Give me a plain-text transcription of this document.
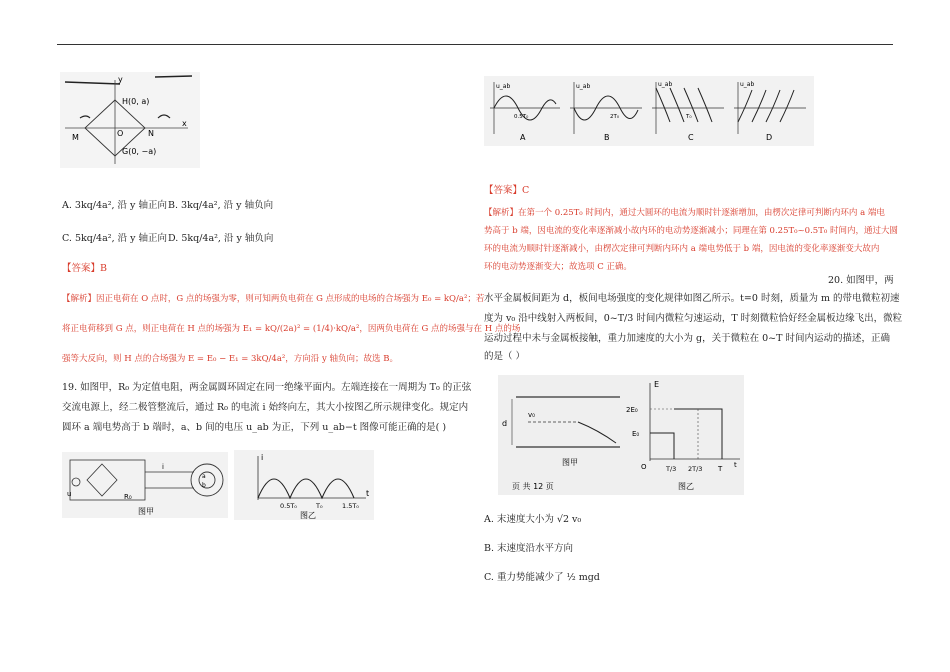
H(0, a)
G(0, −a)
O
M	N
x
y
A. 3kq/4a², 沿 y 轴正向 B. 3kq/4a², 沿 y 轴负向
C. 5kq/4a², 沿 y 轴正向 D. 5kq/4a², 沿 y 轴负向
【答案】B
【解析】因正电荷在 O 点时，G 点的场强为零，则可知两负电荷在 G 点形成的电场的合场强为 E₀ = kQ/a²；若
将正电荷移到 G 点，则正电荷在 H 点的场强为 E₁ = kQ/(2a)² = (1/4)·kQ/a²，因两负电荷在 G 点的场强与在 H 点的场
强等大反向，则 H 点的合场强为 E = E₀ − E₁ = 3kQ/4a²，方向沿 y 轴负向；故选 B。
19. 如图甲，R₀ 为定值电阻，两金属圆环固定在同一绝缘平面内。左端连接在一周期为 T₀ 的正弦
交流电源上，经二极管整流后，通过 R₀ 的电流 i 始终向左，其大小按图乙所示规律变化。规定内
圆环 a 端电势高于 b 端时，a、b 间的电压 u_ab 为正，下列 u_ab−t 图像可能正确的是( )
u
i
R₀
a
b
图甲
i
t
0.5T₀	T₀	1.5T₀
图乙
u_ab
0.5T₀
A
u_ab
2T₀
B
u_ab
T₀
C
u_ab
D
【答案】C
【解析】在第一个 0.25T₀ 时间内，通过大圆环的电流为顺时针逐渐增加，由楞次定律可判断内环内 a 端电
势高于 b 端，因电流的变化率逐渐减小故内环的电动势逐渐减小；同理在第 0.25T₀~0.5T₀ 时间内，通过大圆
环的电流为顺时针逐渐减小，由楞次定律可判断内环内 a 端电势低于 b 端，因电流的变化率逐渐变大故内
环的电动势逐渐变大；故选项 C 正确。
20. 如图甲，两
水平金属板间距为 d，板间电场强度的变化规律如图乙所示。t=0 时刻，质量为 m 的带电微粒初速
度为 v₀ 沿中线射入两板间，0~T/3 时间内微粒匀速运动，T 时刻微粒恰好经金属板边缘飞出，微粒
运动过程中未与金属板接触，重力加速度的大小为 g，关于微粒在 0~T 时间内运动的描述，正确
的是（ ）
d
v₀
图甲
E
2E₀
E₀
O	T/3 2T/3 T t
图乙
页 共 12 页
A. 末速度大小为 √2 v₀
B. 末速度沿水平方向
C. 重力势能减少了 ½ mgd
